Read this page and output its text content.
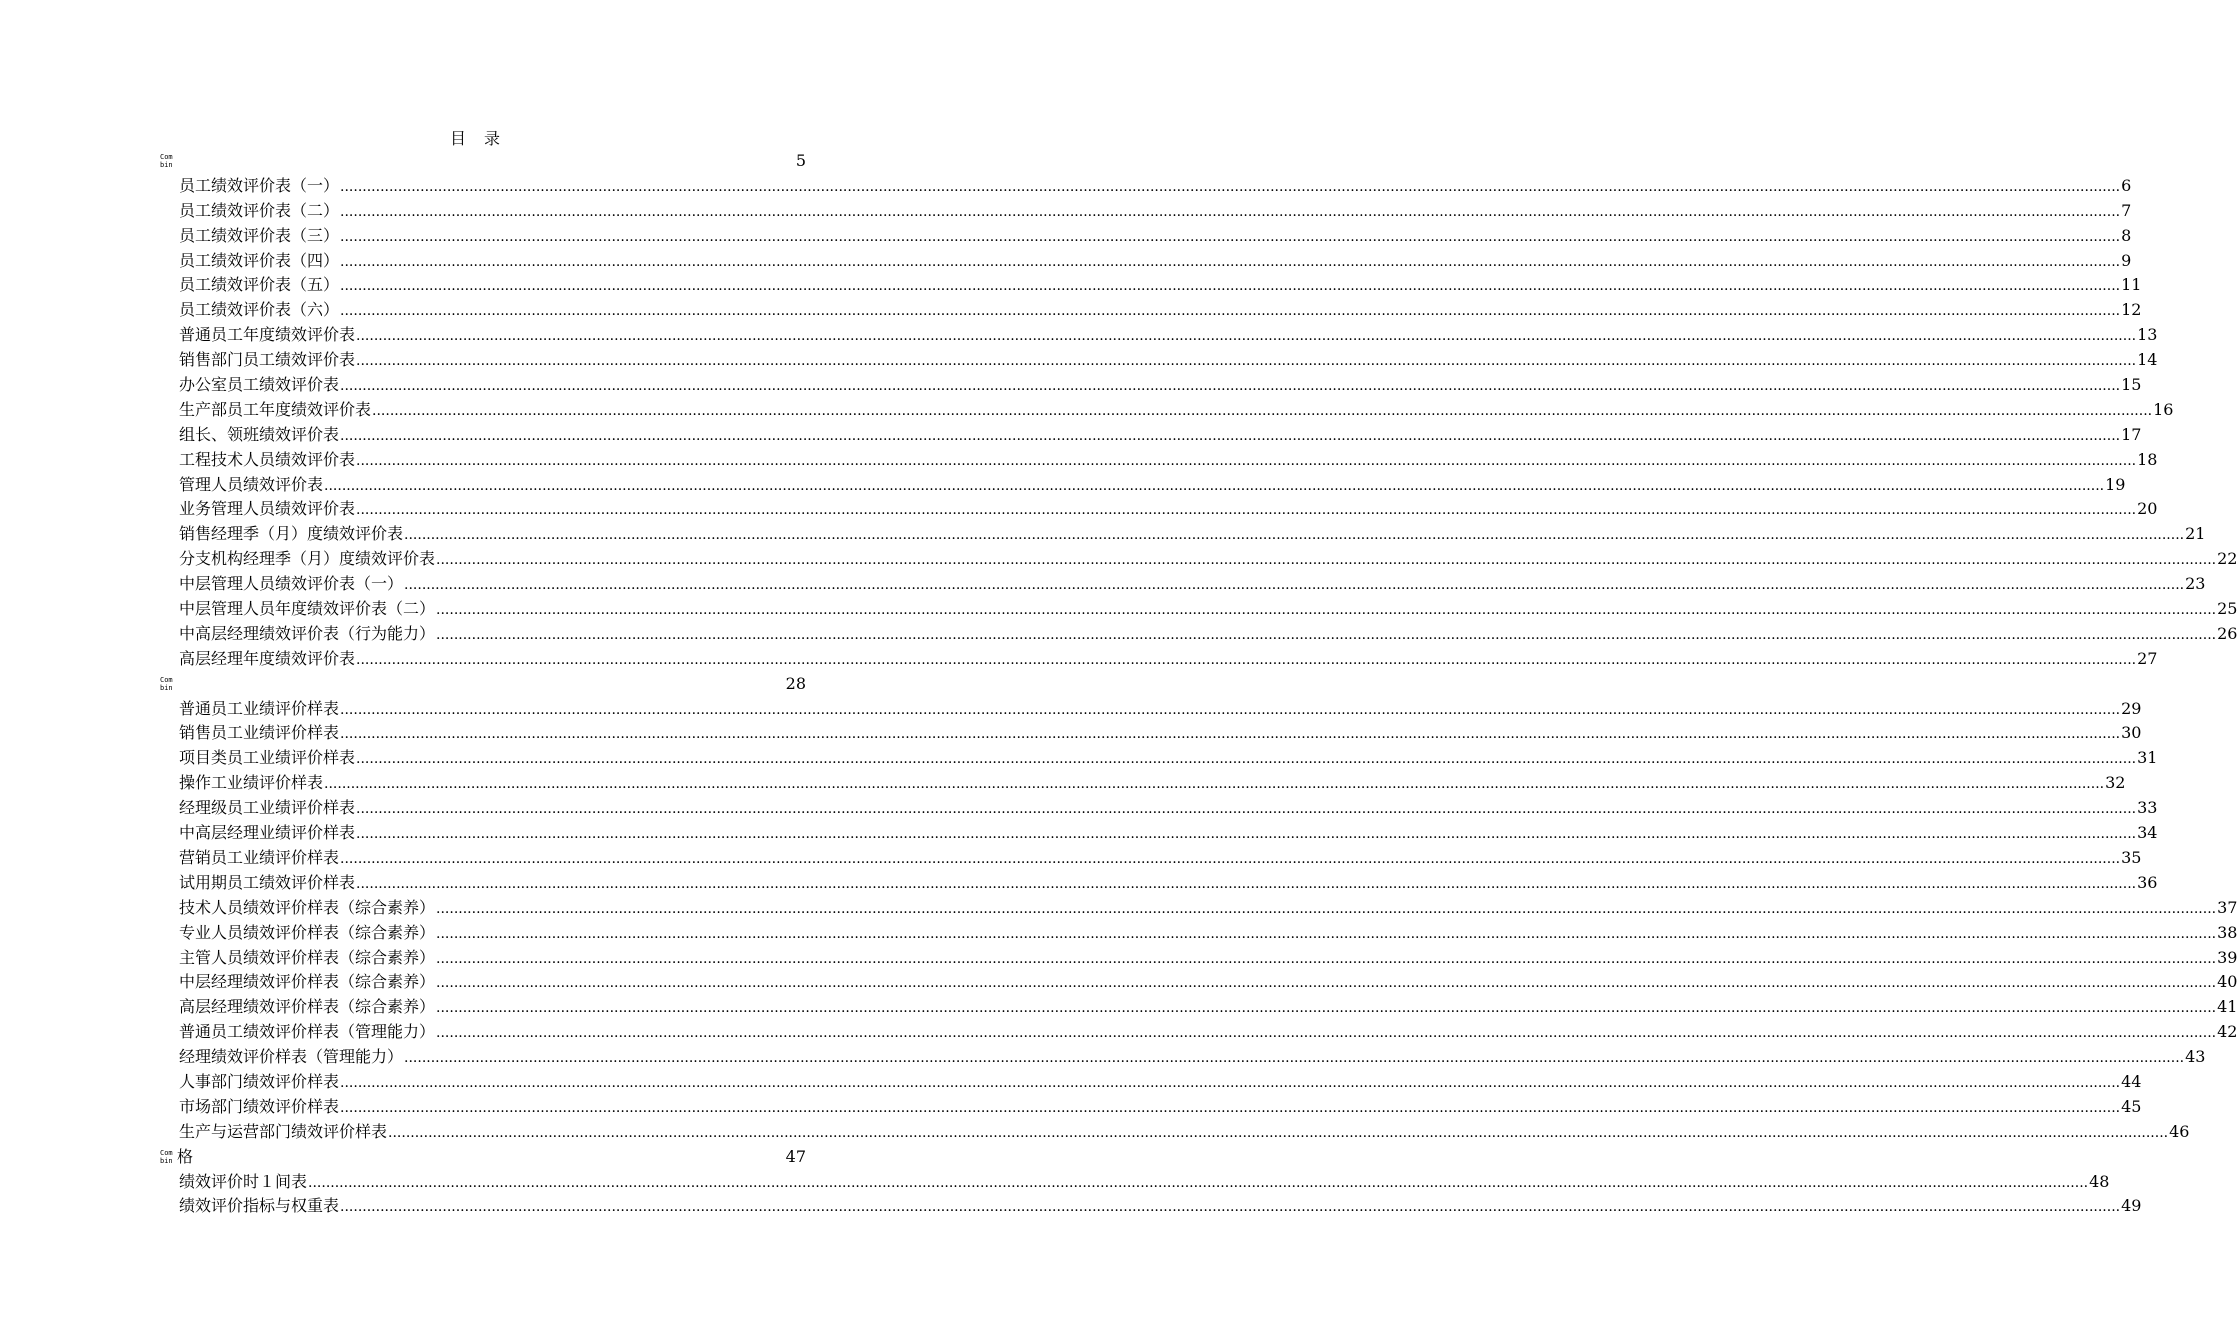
目 录
Combin	5
员工绩效评价表（一） ................................................................................................................................................................................................................................................................................................................................................................................................................ 6
员工绩效评价表（二） ................................................................................................................................................................................................................................................................................................................................................................................................................ 7
员工绩效评价表（三） ................................................................................................................................................................................................................................................................................................................................................................................................................ 8
员工绩效评价表（四） ................................................................................................................................................................................................................................................................................................................................................................................................................ 9
员工绩效评价表（五） ................................................................................................................................................................................................................................................................................................................................................................................................................ 11
员工绩效评价表（六） ................................................................................................................................................................................................................................................................................................................................................................................................................ 12
普通员工年度绩效评价表 ................................................................................................................................................................................................................................................................................................................................................................................................................ 13
销售部门员工绩效评价表 ................................................................................................................................................................................................................................................................................................................................................................................................................ 14
办公室员工绩效评价表 ................................................................................................................................................................................................................................................................................................................................................................................................................ 15
生产部员工年度绩效评价表 ................................................................................................................................................................................................................................................................................................................................................................................................................ 16
组长、领班绩效评价表 ................................................................................................................................................................................................................................................................................................................................................................................................................ 17
工程技术人员绩效评价表 ................................................................................................................................................................................................................................................................................................................................................................................................................ 18
管理人员绩效评价表 ................................................................................................................................................................................................................................................................................................................................................................................................................ 19
业务管理人员绩效评价表 ................................................................................................................................................................................................................................................................................................................................................................................................................ 20
销售经理季（月）度绩效评价表 ................................................................................................................................................................................................................................................................................................................................................................................................................ 21
分支机构经理季（月）度绩效评价表 ................................................................................................................................................................................................................................................................................................................................................................................................................ 22
中层管理人员绩效评价表（一） ................................................................................................................................................................................................................................................................................................................................................................................................................ 23
中层管理人员年度绩效评价表（二） ................................................................................................................................................................................................................................................................................................................................................................................................................ 25
中高层经理绩效评价表（行为能力） ................................................................................................................................................................................................................................................................................................................................................................................................................ 26
高层经理年度绩效评价表 ................................................................................................................................................................................................................................................................................................................................................................................................................ 27
Combin	28
普通员工业绩评价样表 ................................................................................................................................................................................................................................................................................................................................................................................................................ 29
销售员工业绩评价样表 ................................................................................................................................................................................................................................................................................................................................................................................................................ 30
项目类员工业绩评价样表 ................................................................................................................................................................................................................................................................................................................................................................................................................ 31
操作工业绩评价样表 ................................................................................................................................................................................................................................................................................................................................................................................................................ 32
经理级员工业绩评价样表 ................................................................................................................................................................................................................................................................................................................................................................................................................ 33
中高层经理业绩评价样表 ................................................................................................................................................................................................................................................................................................................................................................................................................ 34
营销员工业绩评价样表 ................................................................................................................................................................................................................................................................................................................................................................................................................ 35
试用期员工绩效评价样表 ................................................................................................................................................................................................................................................................................................................................................................................................................ 36
技术人员绩效评价样表（综合素养） ................................................................................................................................................................................................................................................................................................................................................................................................................ 37
专业人员绩效评价样表（综合素养） ................................................................................................................................................................................................................................................................................................................................................................................................................ 38
主管人员绩效评价样表（综合素养） ................................................................................................................................................................................................................................................................................................................................................................................................................ 39
中层经理绩效评价样表（综合素养） ................................................................................................................................................................................................................................................................................................................................................................................................................ 40
高层经理绩效评价样表（综合素养） ................................................................................................................................................................................................................................................................................................................................................................................................................ 41
普通员工绩效评价样表（管理能力） ................................................................................................................................................................................................................................................................................................................................................................................................................ 42
经理绩效评价样表（管理能力） ................................................................................................................................................................................................................................................................................................................................................................................................................ 43
人事部门绩效评价样表 ................................................................................................................................................................................................................................................................................................................................................................................................................ 44
市场部门绩效评价样表 ................................................................................................................................................................................................................................................................................................................................................................................................................ 45
生产与运营部门绩效评价样表 ................................................................................................................................................................................................................................................................................................................................................................................................................ 46
Combin 格	47
绩效评价时１间表 ................................................................................................................................................................................................................................................................................................................................................................................................................ 48
绩效评价指标与权重表 ................................................................................................................................................................................................................................................................................................................................................................................................................ 49
